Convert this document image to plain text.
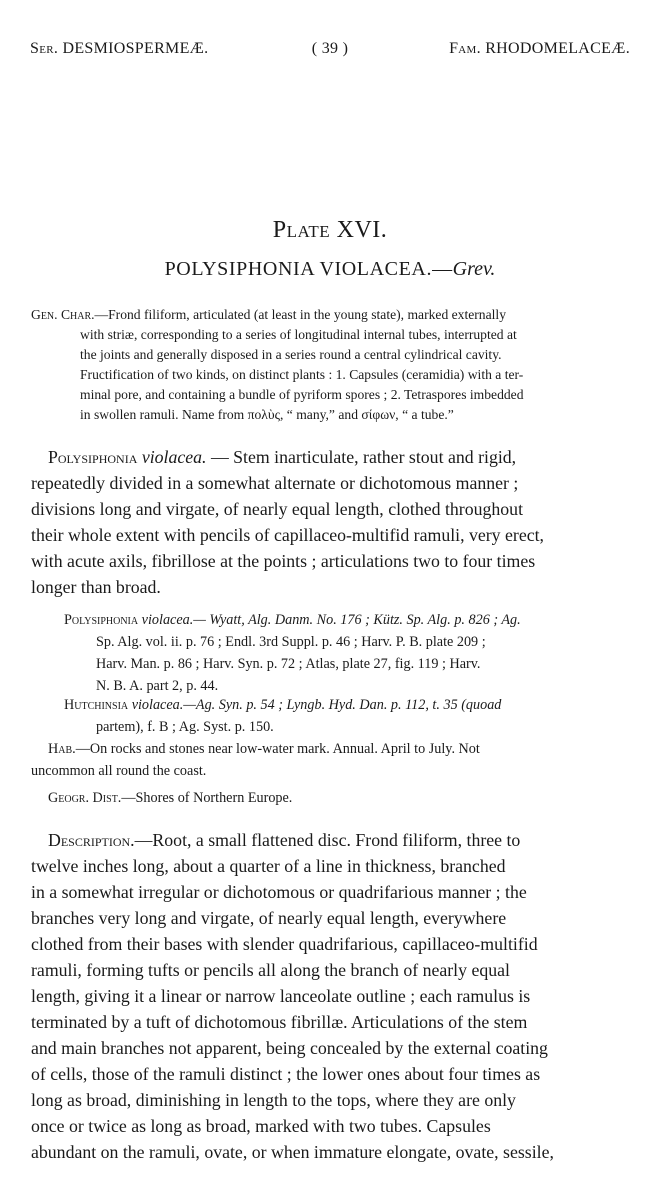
Ser. DESMIOSPERMEÆ.	( 39 )	Fam. RHODOMELACEÆ.
Plate XVI.
POLYSIPHONIA VIOLACEA.—Grev.
Gen. Char.—Frond filiform, articulated (at least in the young state), marked externally
with striæ, corresponding to a series of longitudinal internal tubes, interrupted at
the joints and generally disposed in a series round a central cylindrical cavity.
Fructification of two kinds, on distinct plants : 1. Capsules (ceramidia) with a ter-
minal pore, and containing a bundle of pyriform spores ; 2. Tetraspores imbedded
in swollen ramuli. Name from πολὺς, “ many,” and σίφων, “ a tube.”
Polysiphonia violacea. — Stem inarticulate, rather stout and rigid,
repeatedly divided in a somewhat alternate or dichotomous manner ;
divisions long and virgate, of nearly equal length, clothed throughout
their whole extent with pencils of capillaceo-multifid ramuli, very erect,
with acute axils, fibrillose at the points ; articulations two to four times
longer than broad.
Polysiphonia violacea.— Wyatt, Alg. Danm. No. 176 ; Kütz. Sp. Alg. p. 826 ; Ag.
Sp. Alg. vol. ii. p. 76 ; Endl. 3rd Suppl. p. 46 ; Harv. P. B. plate 209 ;
Harv. Man. p. 86 ; Harv. Syn. p. 72 ; Atlas, plate 27, fig. 119 ; Harv.
N. B. A. part 2, p. 44.
Hutchinsia violacea.—Ag. Syn. p. 54 ; Lyngb. Hyd. Dan. p. 112, t. 35 (quoad
partem), f. B ; Ag. Syst. p. 150.
Hab.—On rocks and stones near low-water mark. Annual. April to July. Not
uncommon all round the coast.
Geogr. Dist.—Shores of Northern Europe.
Description.—Root, a small flattened disc. Frond filiform, three to
twelve inches long, about a quarter of a line in thickness, branched
in a somewhat irregular or dichotomous or quadrifarious manner ; the
branches very long and virgate, of nearly equal length, everywhere
clothed from their bases with slender quadrifarious, capillaceo-multifid
ramuli, forming tufts or pencils all along the branch of nearly equal
length, giving it a linear or narrow lanceolate outline ; each ramulus is
terminated by a tuft of dichotomous fibrillæ. Articulations of the stem
and main branches not apparent, being concealed by the external coating
of cells, those of the ramuli distinct ; the lower ones about four times as
long as broad, diminishing in length to the tops, where they are only
once or twice as long as broad, marked with two tubes. Capsules
abundant on the ramuli, ovate, or when immature elongate, ovate, sessile,
